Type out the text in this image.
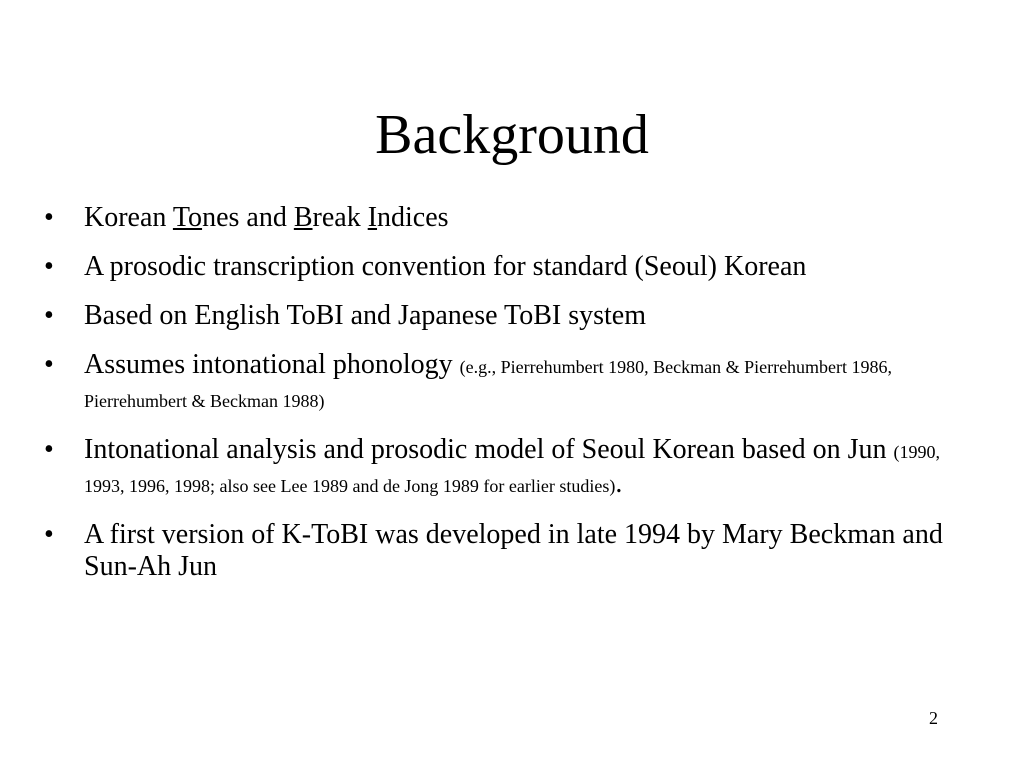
Background
• Korean Tones and Break Indices
• A prosodic transcription convention for standard (Seoul) Korean
• Based on English ToBI and Japanese ToBI system
• Assumes intonational phonology (e.g., Pierrehumbert 1980, Beckman & Pierrehumbert 1986, Pierrehumbert & Beckman 1988)
• Intonational analysis and prosodic model of Seoul Korean based on Jun (1990, 1993, 1996, 1998; also see Lee 1989 and de Jong 1989 for earlier studies).
• A first version of K-ToBI was developed in late 1994 by Mary Beckman and Sun-Ah Jun
2
